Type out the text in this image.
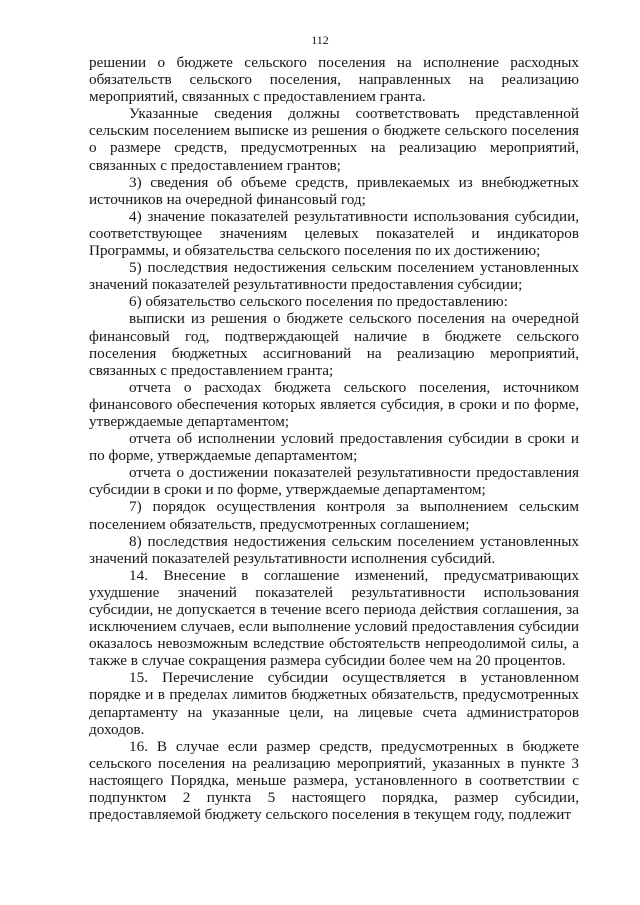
112

решении о бюджете сельского поселения на исполнение расходных обязательств сельского поселения, направленных на реализацию мероприятий, связанных с предоставлением гранта.

Указанные сведения должны соответствовать представленной сельским поселением выписке из решения о бюджете сельского поселения о размере средств, предусмотренных на реализацию мероприятий, связанных с предоставлением грантов;

3) сведения об объеме средств, привлекаемых из внебюджетных источников на очередной финансовый год;

4) значение показателей результативности использования субсидии, соответствующее значениям целевых показателей и индикаторов Программы, и обязательства сельского поселения по их достижению;

5) последствия недостижения сельским поселением установленных значений показателей результативности предоставления субсидии;

6) обязательство сельского поселения по предоставлению:

выписки из решения о бюджете сельского поселения на очередной финансовый год, подтверждающей наличие в бюджете сельского поселения бюджетных ассигнований на реализацию мероприятий, связанных с предоставлением гранта;

отчета о расходах бюджета сельского поселения, источником финансового обеспечения которых является субсидия, в сроки и по форме, утверждаемые департаментом;

отчета об исполнении условий предоставления субсидии в сроки и по форме, утверждаемые департаментом;

отчета о достижении показателей результативности предоставления субсидии в сроки и по форме, утверждаемые департаментом;

7) порядок осуществления контроля за выполнением сельским поселением обязательств, предусмотренных соглашением;

8) последствия недостижения сельским поселением установленных значений показателей результативности исполнения субсидий.

14. Внесение в соглашение изменений, предусматривающих ухудшение значений показателей результативности использования субсидии, не допускается в течение всего периода действия соглашения, за исключением случаев, если выполнение условий предоставления субсидии оказалось невозможным вследствие обстоятельств непреодолимой силы, а также в случае сокращения размера субсидии более чем на 20 процентов.

15. Перечисление субсидии осуществляется в установленном порядке и в пределах лимитов бюджетных обязательств, предусмотренных департаменту на указанные цели, на лицевые счета администраторов доходов.

16. В случае если размер средств, предусмотренных в бюджете сельского поселения на реализацию мероприятий, указанных в пункте 3 настоящего Порядка, меньше размера, установленного в соответствии с подпунктом 2 пункта 5 настоящего порядка, размер субсидии, предоставляемой бюджету сельского поселения в текущем году, подлежит
